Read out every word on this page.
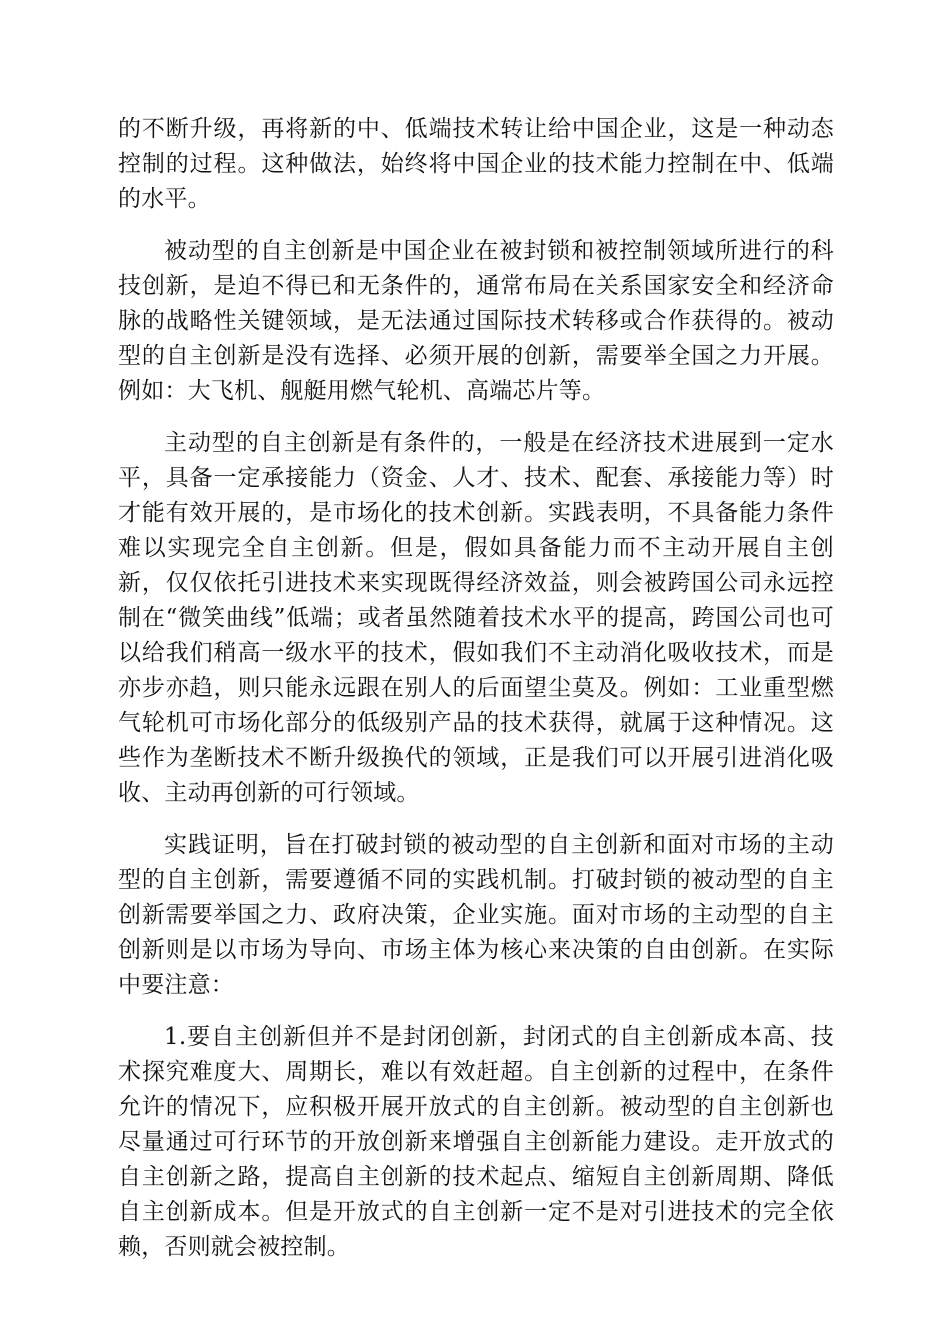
的不断升级，再将新的中、低端技术转让给中国企业，这是一种动态控制的过程。这种做法，始终将中国企业的技术能力控制在中、低端的水平。

被动型的自主创新是中国企业在被封锁和被控制领域所进行的科技创新，是迫不得已和无条件的，通常布局在关系国家安全和经济命脉的战略性关键领域，是无法通过国际技术转移或合作获得的。被动型的自主创新是没有选择、必须开展的创新，需要举全国之力开展。例如：大飞机、舰艇用燃气轮机、高端芯片等。

主动型的自主创新是有条件的，一般是在经济技术进展到一定水平，具备一定承接能力（资金、人才、技术、配套、承接能力等）时才能有效开展的，是市场化的技术创新。实践表明，不具备能力条件难以实现完全自主创新。但是，假如具备能力而不主动开展自主创新，仅仅依托引进技术来实现既得经济效益，则会被跨国公司永远控制在“微笑曲线”低端；或者虽然随着技术水平的提高，跨国公司也可以给我们稍高一级水平的技术，假如我们不主动消化吸收技术，而是亦步亦趋，则只能永远跟在别人的后面望尘莫及。例如：工业重型燃气轮机可市场化部分的低级别产品的技术获得，就属于这种情况。这些作为垄断技术不断升级换代的领域，正是我们可以开展引进消化吸收、主动再创新的可行领域。

实践证明，旨在打破封锁的被动型的自主创新和面对市场的主动型的自主创新，需要遵循不同的实践机制。打破封锁的被动型的自主创新需要举国之力、政府决策，企业实施。面对市场的主动型的自主创新则是以市场为导向、市场主体为核心来决策的自由创新。在实际中要注意：

1.要自主创新但并不是封闭创新，封闭式的自主创新成本高、技术探究难度大、周期长，难以有效赶超。自主创新的过程中，在条件允许的情况下，应积极开展开放式的自主创新。被动型的自主创新也尽量通过可行环节的开放创新来增强自主创新能力建设。走开放式的自主创新之路，提高自主创新的技术起点、缩短自主创新周期、降低自主创新成本。但是开放式的自主创新一定不是对引进技术的完全依赖，否则就会被控制。
